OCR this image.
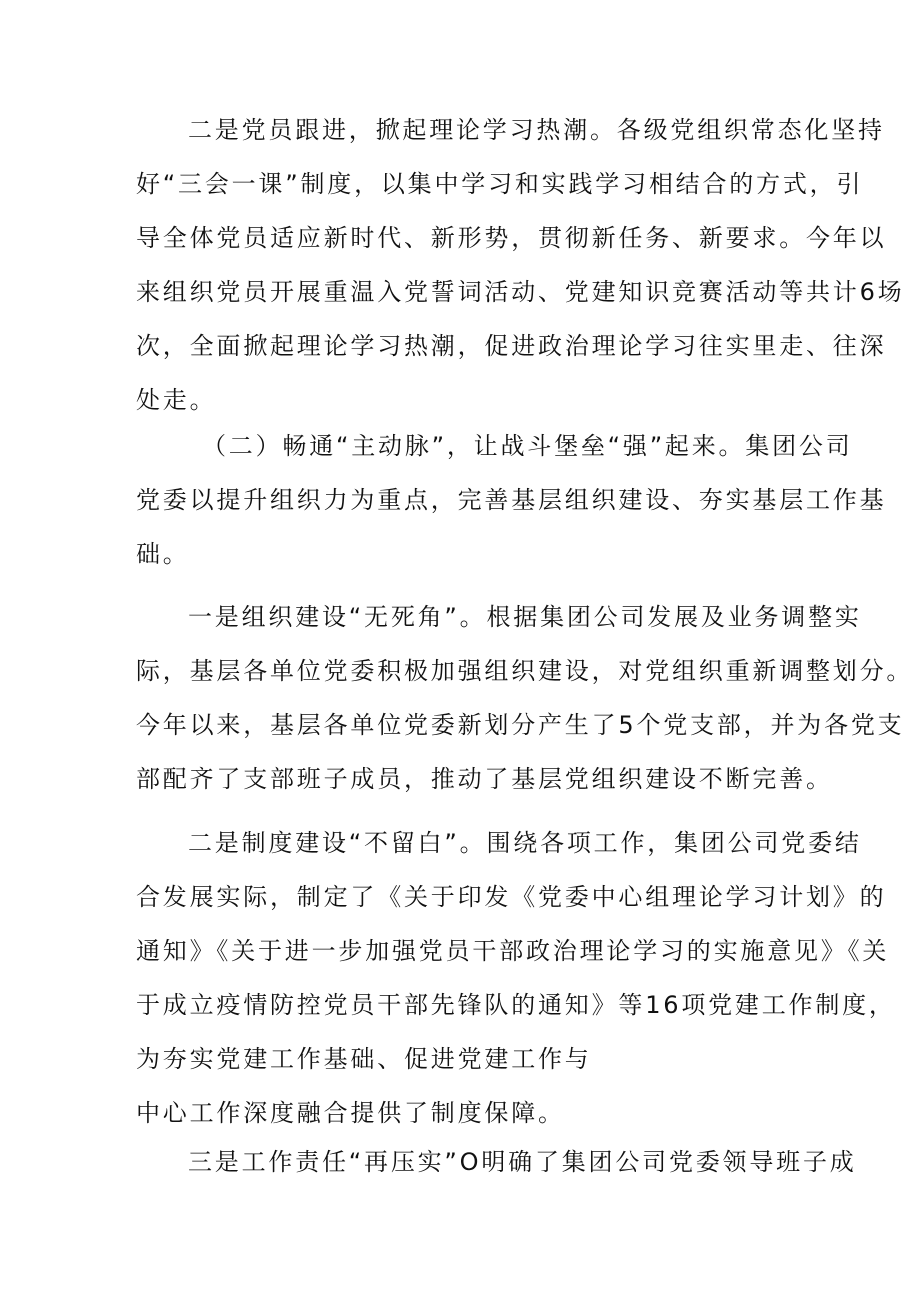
二是党员跟进，掀起理论学习热潮。各级党组织常态化坚持
好“三会一课”制度，以集中学习和实践学习相结合的方式，引
导全体党员适应新时代、新形势，贯彻新任务、新要求。今年以
来组织党员开展重温入党誓词活动、党建知识竞赛活动等共计6场
次，全面掀起理论学习热潮，促进政治理论学习往实里走、往深
处走。
（二）畅通“主动脉”，让战斗堡垒“强”起来。集团公司
党委以提升组织力为重点，完善基层组织建设、夯实基层工作基
础。
一是组织建设“无死角”。根据集团公司发展及业务调整实
际，基层各单位党委积极加强组织建设，对党组织重新调整划分。
今年以来，基层各单位党委新划分产生了5个党支部，并为各党支
部配齐了支部班子成员，推动了基层党组织建设不断完善。
二是制度建设“不留白”。围绕各项工作，集团公司党委结
合发展实际，制定了《关于印发《党委中心组理论学习计划》的
通知》《关于进一步加强党员干部政治理论学习的实施意见》《关
于成立疫情防控党员干部先锋队的通知》等16项党建工作制度，
为夯实党建工作基础、促进党建工作与
中心工作深度融合提供了制度保障。
三是工作责任“再压实”O明确了集团公司党委领导班子成
